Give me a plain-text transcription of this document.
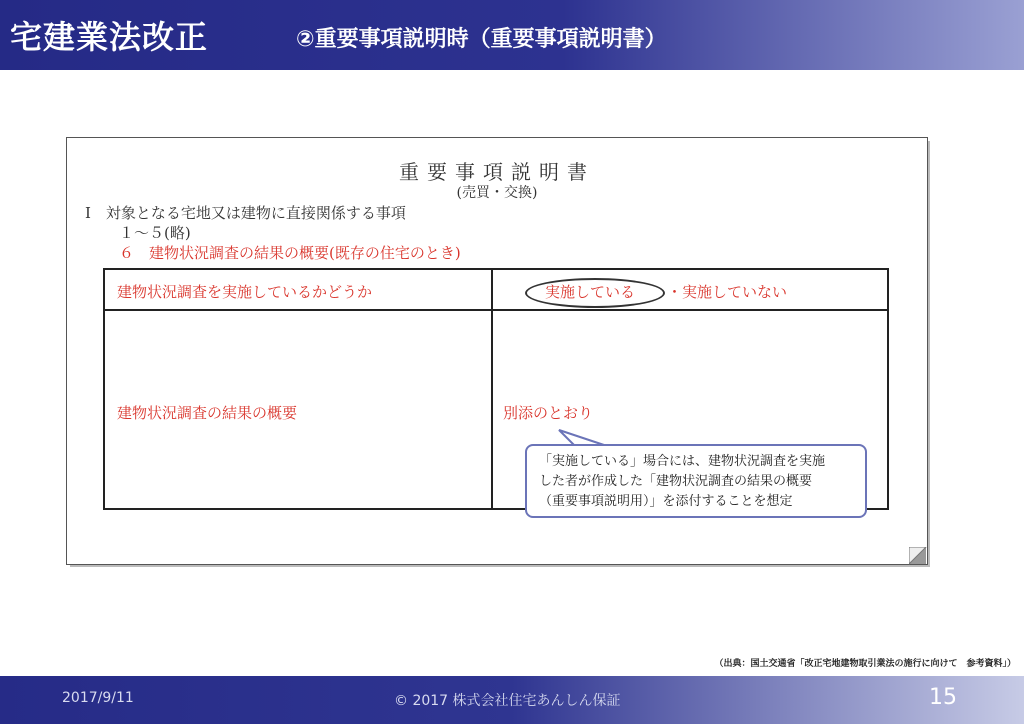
宅建業法改正	②重要事項説明時（重要事項説明書）
重要事項説明書
(売買・交換)
Ⅰ　対象となる宅地又は建物に直接関係する事項
１～５(略)
６　建物状況調査の結果の概要(既存の住宅のとき)
建物状況調査を実施しているかどうか	実施している ・実施していない
建物状況調査の結果の概要	別添のとおり
「実施している」場合には、建物状況調査を実施
した者が作成した「建物状況調査の結果の概要
（重要事項説明用）」を添付することを想定
（出典：国土交通省「改正宅地建物取引業法の施行に向けて　参考資料」）
2017/9/11	© 2017 株式会社住宅あんしん保証	15
